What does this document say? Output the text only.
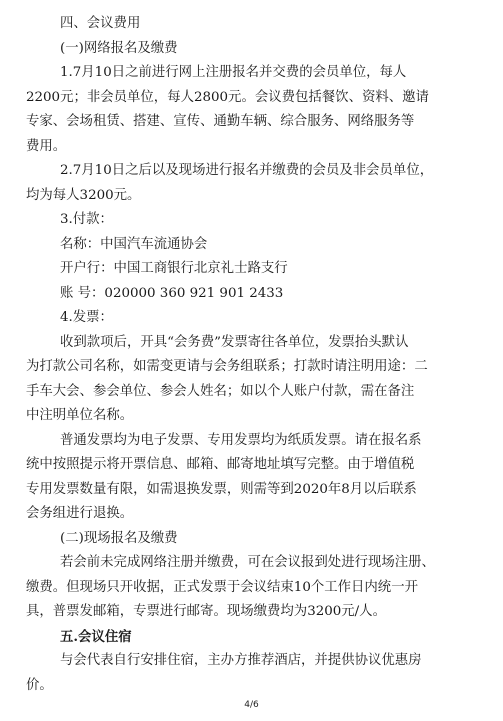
四、会议费用
(一)网络报名及缴费
1.7月10日之前进行网上注册报名并交费的会员单位，每人
2200元；非会员单位，每人2800元。会议费包括餐饮、资料、邀请
专家、会场租赁、搭建、宣传、通勤车辆、综合服务、网络服务等
费用。
2.7月10日之后以及现场进行报名并缴费的会员及非会员单位，
均为每人3200元。
3.付款：
名称：中国汽车流通协会
开户行：中国工商银行北京礼士路支行
账 号：020000 360 921 901 2433
4.发票：
收到款项后，开具“会务费”发票寄往各单位，发票抬头默认
为打款公司名称，如需变更请与会务组联系；打款时请注明用途：二
手车大会、参会单位、参会人姓名；如以个人账户付款，需在备注
中注明单位名称。
普通发票均为电子发票、专用发票均为纸质发票。请在报名系
统中按照提示将开票信息、邮箱、邮寄地址填写完整。由于增值税
专用发票数量有限，如需退换发票，则需等到2020年8月以后联系
会务组进行退换。
(二)现场报名及缴费
若会前未完成网络注册并缴费，可在会议报到处进行现场注册、
缴费。但现场只开收据，正式发票于会议结束10个工作日内统一开
具，普票发邮箱，专票进行邮寄。现场缴费均为3200元/人。
五.会议住宿
与会代表自行安排住宿，主办方推荐酒店，并提供协议优惠房
价。
4/6
